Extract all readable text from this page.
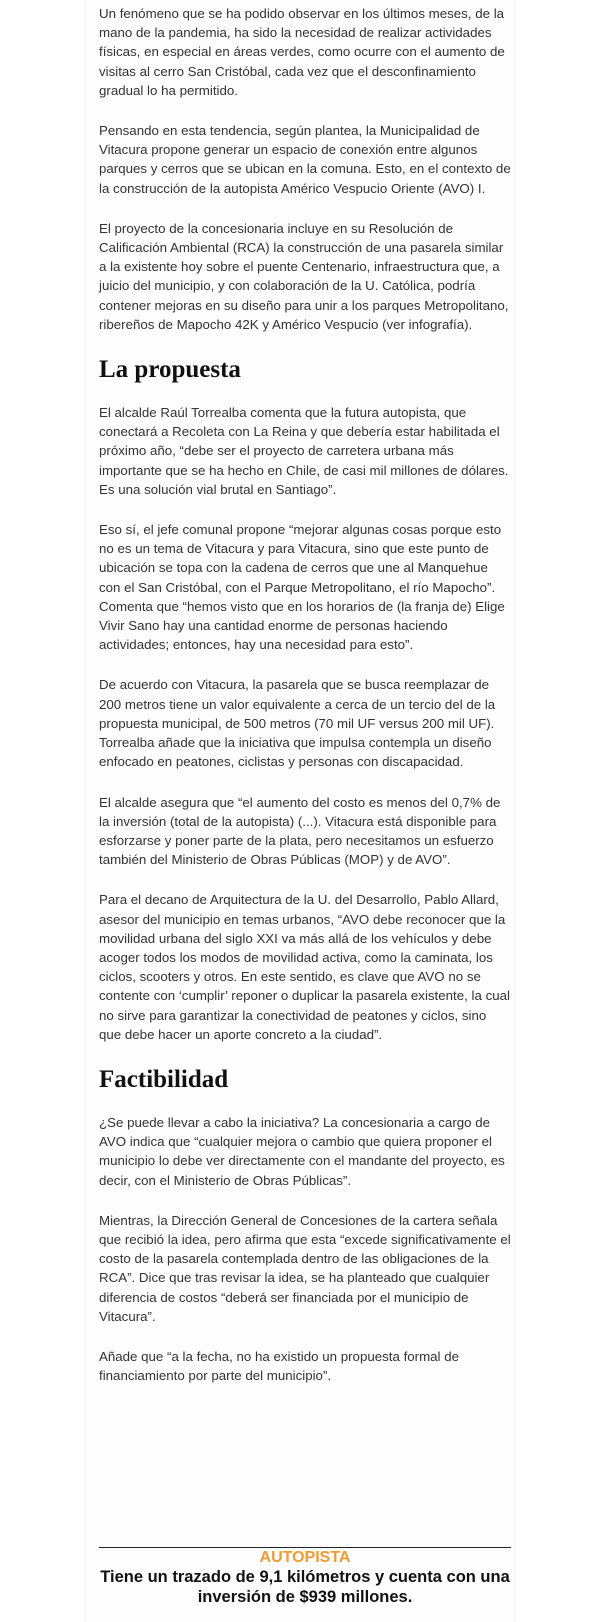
Un fenómeno que se ha podido observar en los últimos meses, de la mano de la pandemia, ha sido la necesidad de realizar actividades físicas, en especial en áreas verdes, como ocurre con el aumento de visitas al cerro San Cristóbal, cada vez que el desconfinamiento gradual lo ha permitido.

Pensando en esta tendencia, según plantea, la Municipalidad de Vitacura propone generar un espacio de conexión entre algunos parques y cerros que se ubican en la comuna. Esto, en el contexto de la construcción de la autopista Américo Vespucio Oriente (AVO) I.

El proyecto de la concesionaria incluye en su Resolución de Calificación Ambiental (RCA) la construcción de una pasarela similar a la existente hoy sobre el puente Centenario, infraestructura que, a juicio del municipio, y con colaboración de la U. Católica, podría contener mejoras en su diseño para unir a los parques Metropolitano, ribereños de Mapocho 42K y Américo Vespucio (ver infografía).

La propuesta

El alcalde Raúl Torrealba comenta que la futura autopista, que conectará a Recoleta con La Reina y que debería estar habilitada el próximo año, “debe ser el proyecto de carretera urbana más importante que se ha hecho en Chile, de casi mil millones de dólares. Es una solución vial brutal en Santiago”.

Eso sí, el jefe comunal propone “mejorar algunas cosas porque esto no es un tema de Vitacura y para Vitacura, sino que este punto de ubicación se topa con la cadena de cerros que une al Manquehue con el San Cristóbal, con el Parque Metropolitano, el río Mapocho”. Comenta que “hemos visto que en los horarios de (la franja de) Elige Vivir Sano hay una cantidad enorme de personas haciendo actividades; entonces, hay una necesidad para esto”.

De acuerdo con Vitacura, la pasarela que se busca reemplazar de 200 metros tiene un valor equivalente a cerca de un tercio del de la propuesta municipal, de 500 metros (70 mil UF versus 200 mil UF). Torrealba añade que la iniciativa que impulsa contempla un diseño enfocado en peatones, ciclistas y personas con discapacidad.

El alcalde asegura que “el aumento del costo es menos del 0,7% de la inversión (total de la autopista) (...). Vitacura está disponible para esforzarse y poner parte de la plata, pero necesitamos un esfuerzo también del Ministerio de Obras Públicas (MOP) y de AVO”.

Para el decano de Arquitectura de la U. del Desarrollo, Pablo Allard, asesor del municipio en temas urbanos, “AVO debe reconocer que la movilidad urbana del siglo XXI va más allá de los vehículos y debe acoger todos los modos de movilidad activa, como la caminata, los ciclos, scooters y otros. En este sentido, es clave que AVO no se contente con ‘cumplir’ reponer o duplicar la pasarela existente, la cual no sirve para garantizar la conectividad de peatones y ciclos, sino que debe hacer un aporte concreto a la ciudad”.

Factibilidad

¿Se puede llevar a cabo la iniciativa? La concesionaria a cargo de AVO indica que “cualquier mejora o cambio que quiera proponer el municipio lo debe ver directamente con el mandante del proyecto, es decir, con el Ministerio de Obras Públicas”.

Mientras, la Dirección General de Concesiones de la cartera señala que recibió la idea, pero afirma que esta “excede significativamente el costo de la pasarela contemplada dentro de las obligaciones de la RCA”. Dice que tras revisar la idea, se ha planteado que cualquier diferencia de costos “deberá ser financiada por el municipio de Vitacura”.

Añade que “a la fecha, no ha existido un propuesta formal de financiamiento por parte del municipio”.

AUTOPISTA
Tiene un trazado de 9,1 kilómetros y cuenta con una inversión de $939 millones.
